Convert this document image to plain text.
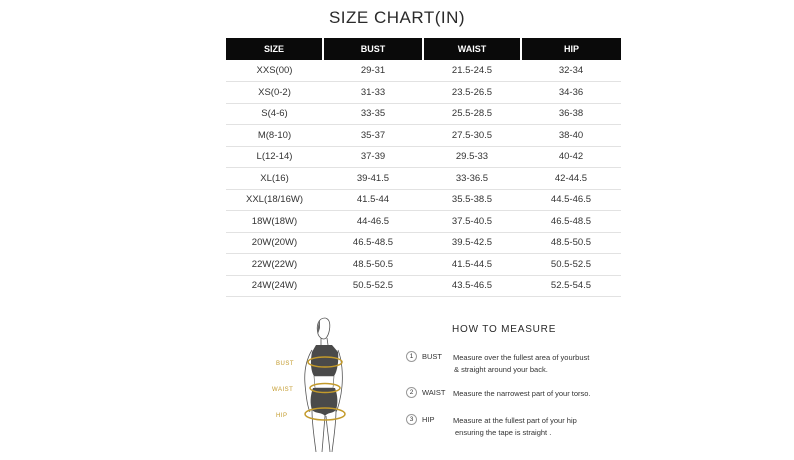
SIZE CHART(IN)
SIZE	BUST	WAIST	HIP
XXS(00)	29-31	21.5-24.5	32-34
XS(0-2)	31-33	23.5-26.5	34-36
S(4-6)	33-35	25.5-28.5	36-38
M(8-10)	35-37	27.5-30.5	38-40
L(12-14)	37-39	29.5-33	40-42
XL(16)	39-41.5	33-36.5	42-44.5
XXL(18/16W)	41.5-44	35.5-38.5	44.5-46.5
18W(18W)	44-46.5	37.5-40.5	46.5-48.5
20W(20W)	46.5-48.5	39.5-42.5	48.5-50.5
22W(22W)	48.5-50.5	41.5-44.5	50.5-52.5
24W(24W)	50.5-52.5	43.5-46.5	52.5-54.5
BUST
WAIST
HIP
HOW TO MEASURE
1	BUST Measure over the fullest area of yourbust
& straight around your back.
2	WAIST Measure the narrowest part of your torso.
3	HIP Measure at the fullest part of your hip
ensuring the tape is straight .
